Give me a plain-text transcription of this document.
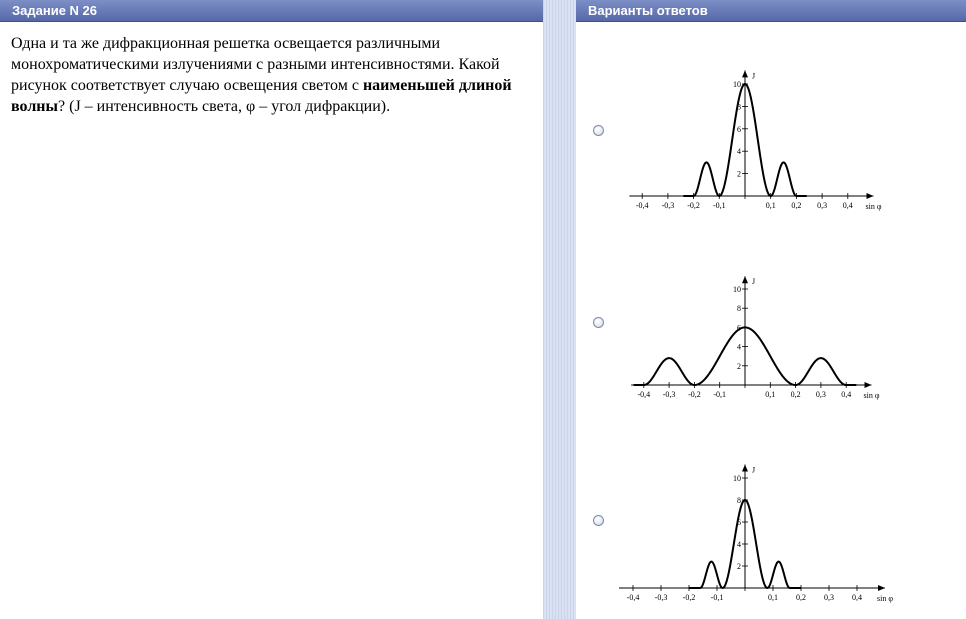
Задание N 26
Одна и та же дифракционная решетка освещается различными монохроматическими излучениями с разными интенсивностями. Какой рисунок соответствует случаю освещения светом с наименьшей длиной волны? (J – интенсивность света, φ – угол дифракции).
Варианты ответов
2
4
6
8
10
-0,4 -0,3 -0,2 -0,1	0,1 0,2 0,3 0,4
J
sin φ
2
4
6
8
10
-0,4 -0,3 -0,2 -0,1	0,1 0,2 0,3 0,4
J
sin φ
2
4
6
8
10
-0,4 -0,3 -0,2 -0,1	0,1 0,2 0,3 0,4
J
sin φ
